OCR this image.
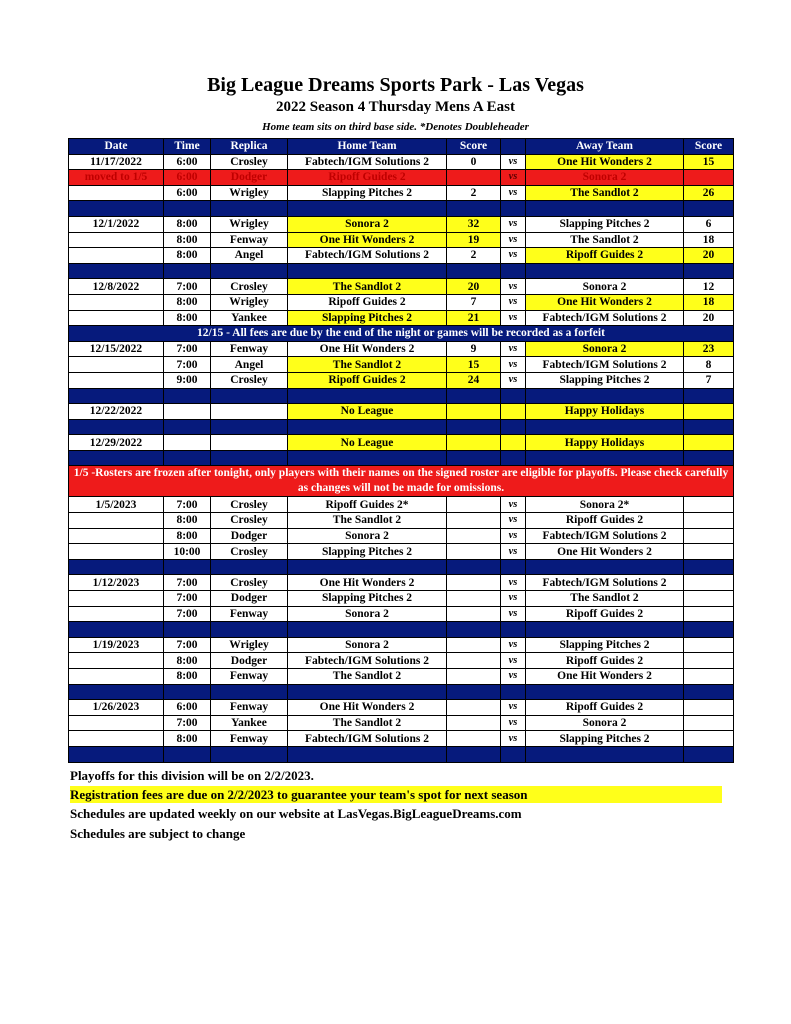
Big League Dreams Sports Park - Las Vegas
2022 Season 4 Thursday Mens A East
Home team sits on third base side. *Denotes Doubleheader
Date	Time	Replica	Home Team	Score		Away Team	Score
11/17/2022	6:00	Crosley	Fabtech/IGM Solutions 2	0	vs	One Hit Wonders 2	15
moved to 1/5	6:00	Dodger	Ripoff Guides 2		vs	Sonora 2	
	6:00	Wrigley	Slapping Pitches 2	2	vs	The Sandlot 2	26

12/1/2022	8:00	Wrigley	Sonora 2	32	vs	Slapping Pitches 2	6
	8:00	Fenway	One Hit Wonders 2	19	vs	The Sandlot 2	18
	8:00	Angel	Fabtech/IGM Solutions 2	2	vs	Ripoff Guides 2	20

12/8/2022	7:00	Crosley	The Sandlot 2	20	vs	Sonora 2	12
	8:00	Wrigley	Ripoff Guides 2	7	vs	One Hit Wonders 2	18
	8:00	Yankee	Slapping Pitches 2	21	vs	Fabtech/IGM Solutions 2	20
12/15 - All fees are due by the end of the night or games will be recorded as a forfeit							
12/15/2022	7:00	Fenway	One Hit Wonders 2	9	vs	Sonora 2	23
	7:00	Angel	The Sandlot 2	15	vs	Fabtech/IGM Solutions 2	8
	9:00	Crosley	Ripoff Guides 2	24	vs	Slapping Pitches 2	7

12/22/2022			No League			Happy Holidays	

12/29/2022			No League			Happy Holidays	

1/5 -Rosters are frozen after tonight, only players with their names on the signed roster are eligible for playoffs. Please check carefully as changes will not be made for omissions.							
1/5/2023	7:00	Crosley	Ripoff Guides 2*		vs	Sonora 2*	
	8:00	Crosley	The Sandlot 2		vs	Ripoff Guides 2	
	8:00	Dodger	Sonora 2		vs	Fabtech/IGM Solutions 2	
	10:00	Crosley	Slapping Pitches 2		vs	One Hit Wonders 2	

1/12/2023	7:00	Crosley	One Hit Wonders 2		vs	Fabtech/IGM Solutions 2	
	7:00	Dodger	Slapping Pitches 2		vs	The Sandlot 2	
	7:00	Fenway	Sonora 2		vs	Ripoff Guides 2	

1/19/2023	7:00	Wrigley	Sonora 2		vs	Slapping Pitches 2	
	8:00	Dodger	Fabtech/IGM Solutions 2		vs	Ripoff Guides 2	
	8:00	Fenway	The Sandlot 2		vs	One Hit Wonders 2	

1/26/2023	6:00	Fenway	One Hit Wonders 2		vs	Ripoff Guides 2	
	7:00	Yankee	The Sandlot 2		vs	Sonora 2	
	8:00	Fenway	Fabtech/IGM Solutions 2		vs	Slapping Pitches 2	

Playoffs for this division will be on 2/2/2023.
Registration fees are due on 2/2/2023 to guarantee your team's spot for next season
Schedules are updated weekly on our website at LasVegas.BigLeagueDreams.com
Schedules are subject to change
